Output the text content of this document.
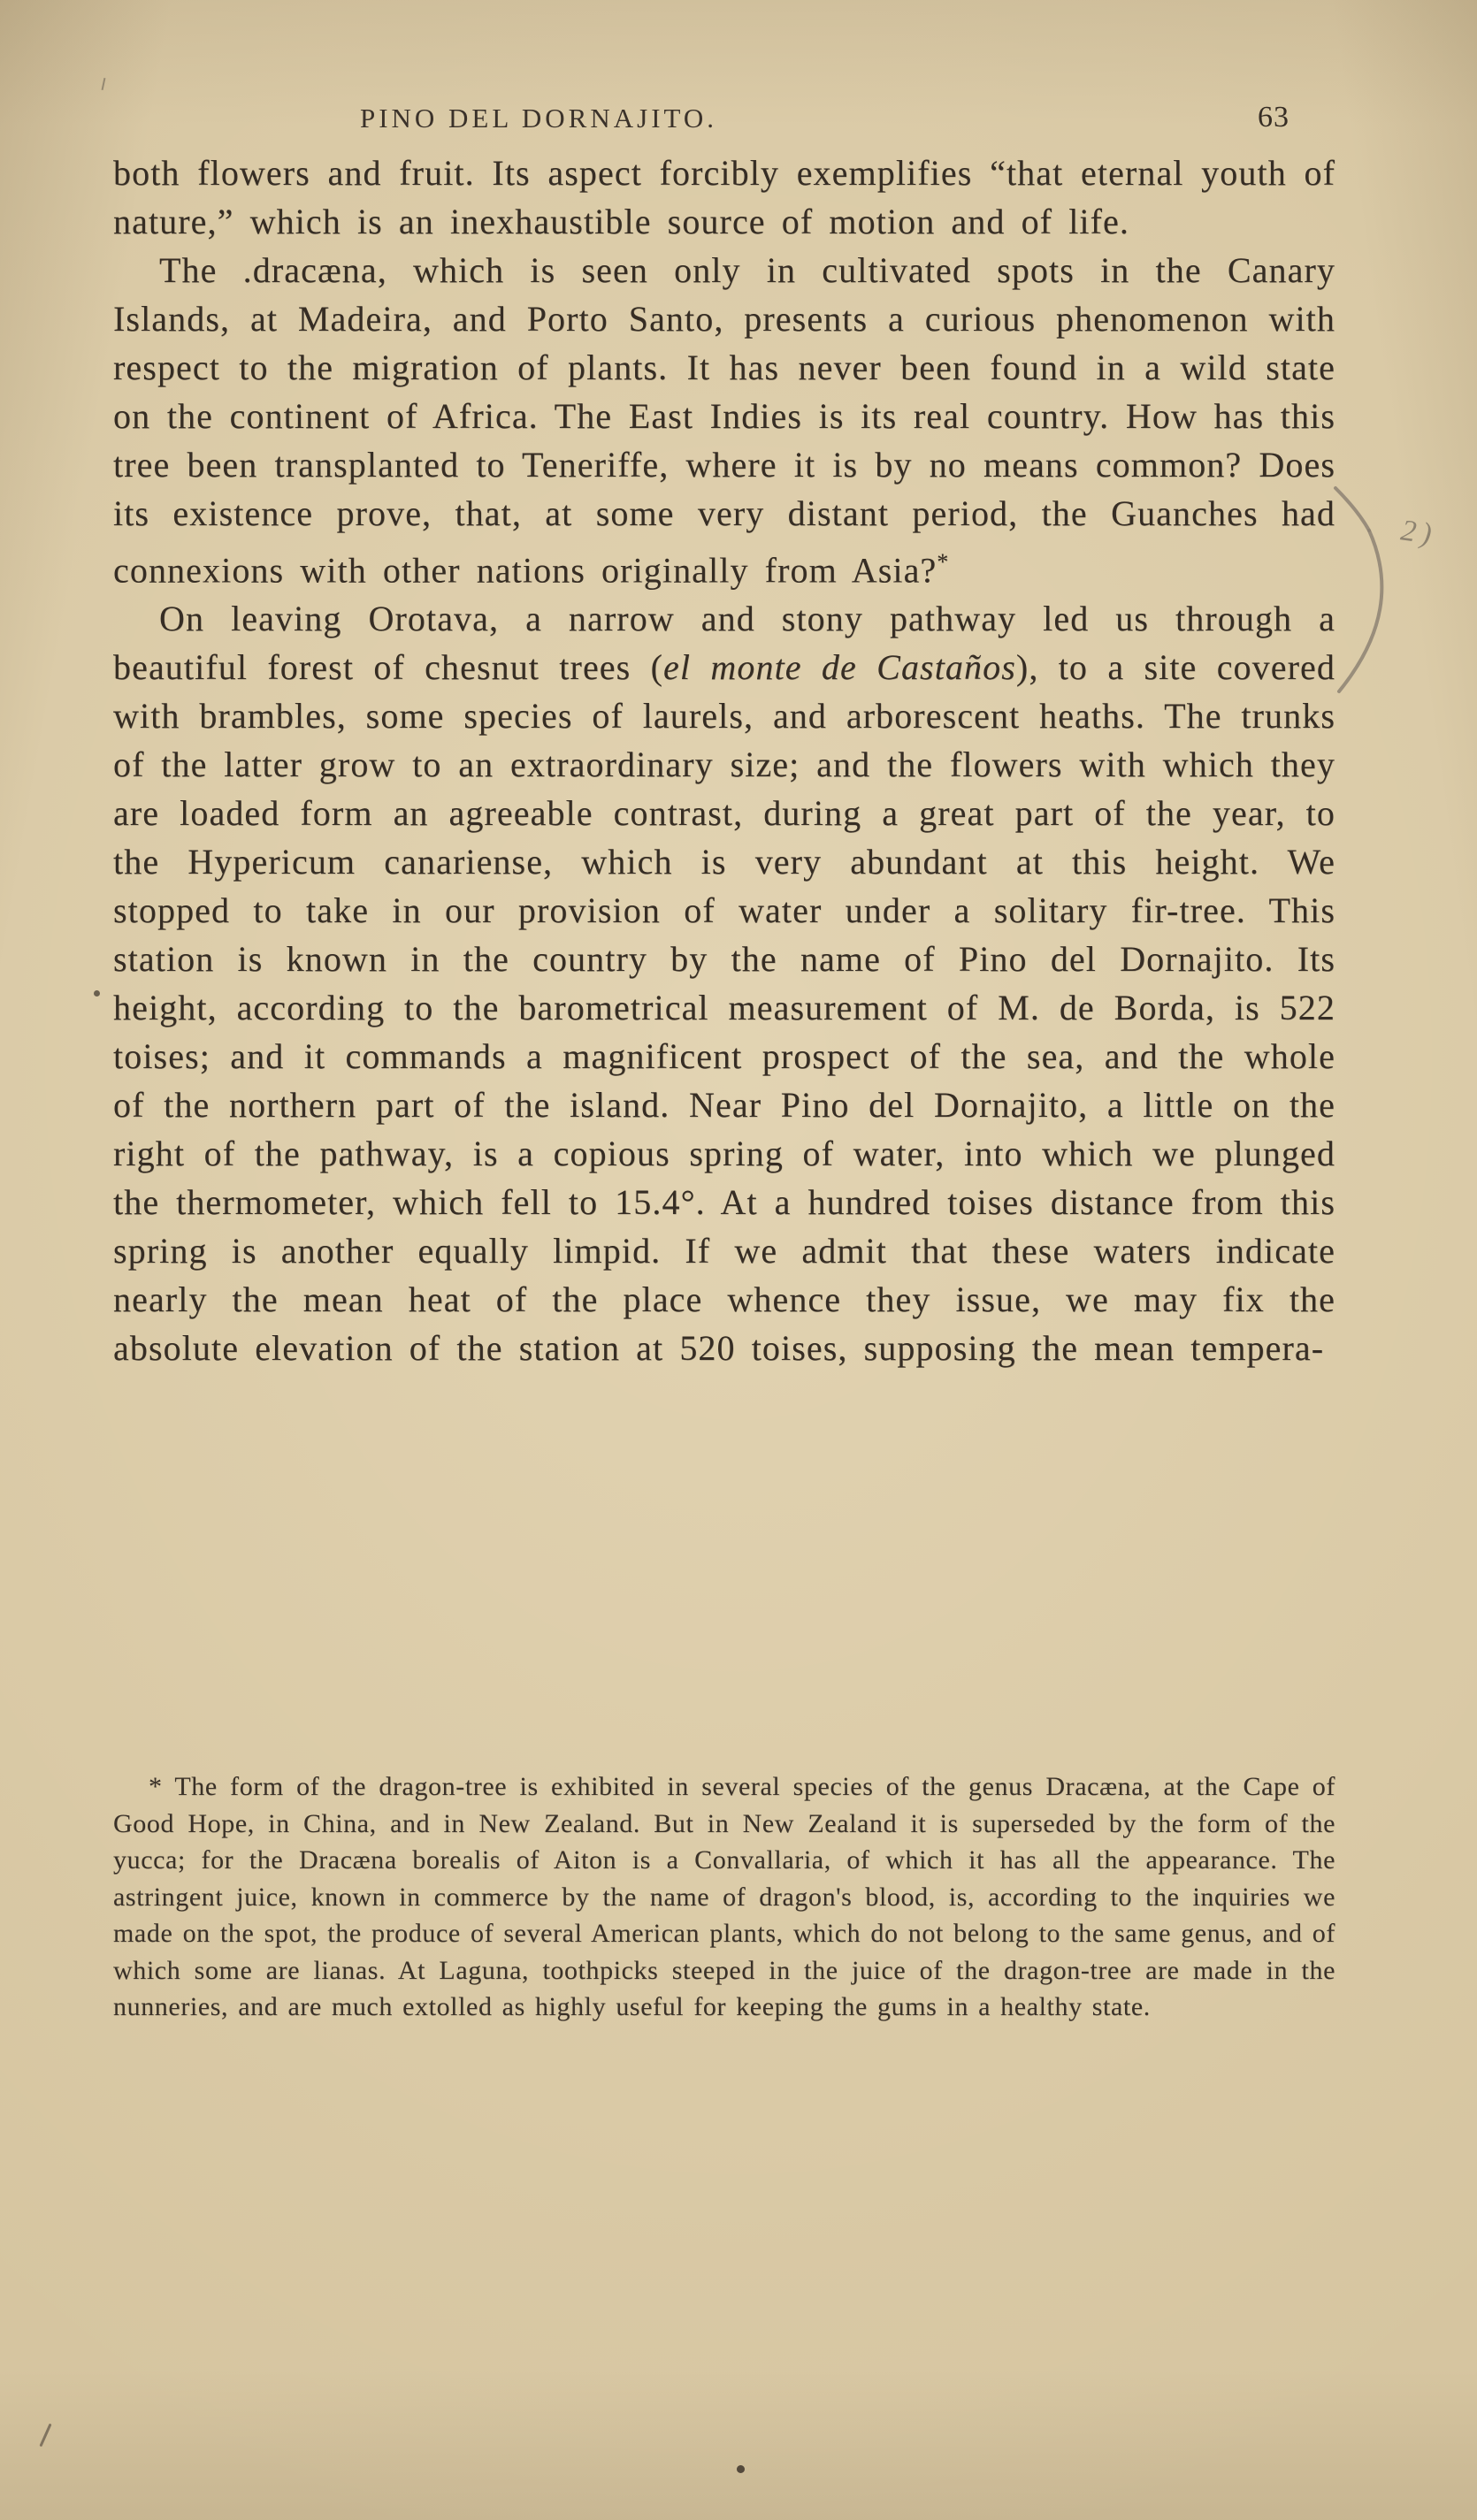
PINO DEL DORNAJITO.	63

both flowers and fruit. Its aspect forcibly exemplifies “that eternal youth of nature,” which is an inexhaustible source of motion and of life.

The .dracæna, which is seen only in cultivated spots in the Canary Islands, at Madeira, and Porto Santo, presents a curious phenomenon with respect to the migration of plants. It has never been found in a wild state on the continent of Africa. The East Indies is its real country. How has this tree been transplanted to Teneriffe, where it is by no means common? Does its existence prove, that, at some very distant period, the Guanches had connexions with other nations originally from Asia?*

On leaving Orotava, a narrow and stony pathway led us through a beautiful forest of chesnut trees (el monte de Castaños), to a site covered with brambles, some species of laurels, and arborescent heaths. The trunks of the latter grow to an extraordinary size; and the flowers with which they are loaded form an agreeable contrast, during a great part of the year, to the Hypericum canariense, which is very abundant at this height. We stopped to take in our provision of water under a solitary fir-tree. This station is known in the country by the name of Pino del Dornajito. Its height, according to the barometrical measurement of M. de Borda, is 522 toises; and it commands a magnificent prospect of the sea, and the whole of the northern part of the island. Near Pino del Dornajito, a little on the right of the pathway, is a copious spring of water, into which we plunged the thermometer, which fell to 15.4°. At a hundred toises distance from this spring is another equally limpid. If we admit that these waters indicate nearly the mean heat of the place whence they issue, we may fix the absolute elevation of the station at 520 toises, supposing the mean tempera-

* The form of the dragon-tree is exhibited in several species of the genus Dracæna, at the Cape of Good Hope, in China, and in New Zealand. But in New Zealand it is superseded by the form of the yucca; for the Dracæna borealis of Aiton is a Convallaria, of which it has all the appearance. The astringent juice, known in commerce by the name of dragon's blood, is, according to the inquiries we made on the spot, the produce of several American plants, which do not belong to the same genus, and of which some are lianas. At Laguna, toothpicks steeped in the juice of the dragon-tree are made in the nunneries, and are much extolled as highly useful for keeping the gums in a healthy state.
2)
